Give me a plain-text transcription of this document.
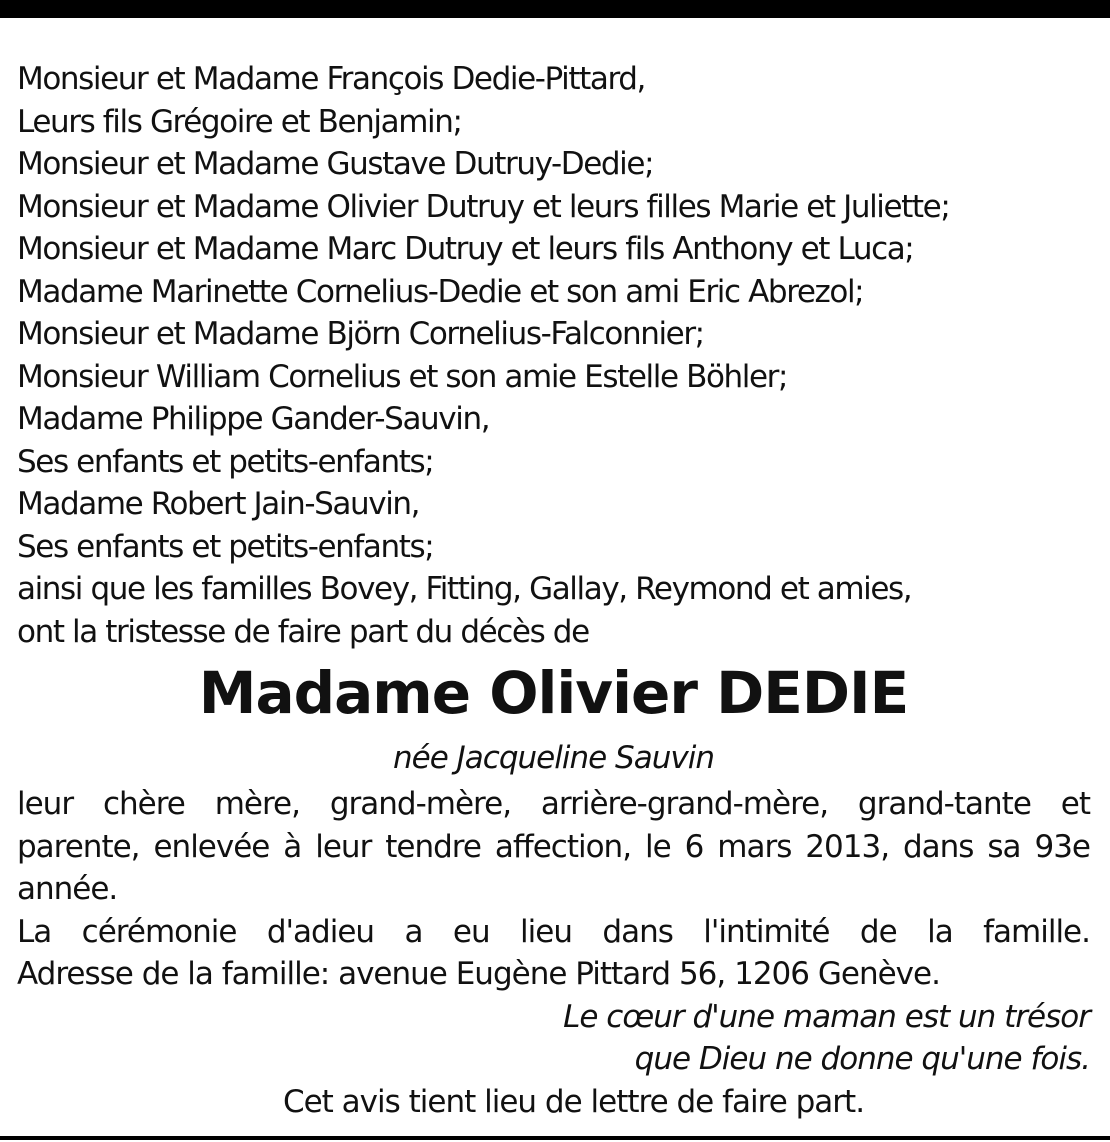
Monsieur et Madame François Dedie-Pittard,
Leurs fils Grégoire et Benjamin;
Monsieur et Madame Gustave Dutruy-Dedie;
Monsieur et Madame Olivier Dutruy et leurs filles Marie et Juliette;
Monsieur et Madame Marc Dutruy et leurs fils Anthony et Luca;
Madame Marinette Cornelius-Dedie et son ami Eric Abrezol;
Monsieur et Madame Björn Cornelius-Falconnier;
Monsieur William Cornelius et son amie Estelle Böhler;
Madame Philippe Gander-Sauvin,
Ses enfants et petits-enfants;
Madame Robert Jain-Sauvin,
Ses enfants et petits-enfants;
ainsi que les familles Bovey, Fitting, Gallay, Reymond et amies,
ont la tristesse de faire part du décès de
Madame Olivier DEDIE
née Jacqueline Sauvin
leur chère mère, grand-mère, arrière-grand-mère, grand-tante et
parente, enlevée à leur tendre affection, le 6 mars 2013, dans sa 93e
année.
La cérémonie d'adieu a eu lieu dans l'intimité de la famille.
Adresse de la famille: avenue Eugène Pittard 56, 1206 Genève.
Le cœur d'une maman est un trésor
que Dieu ne donne qu'une fois.
Cet avis tient lieu de lettre de faire part.
